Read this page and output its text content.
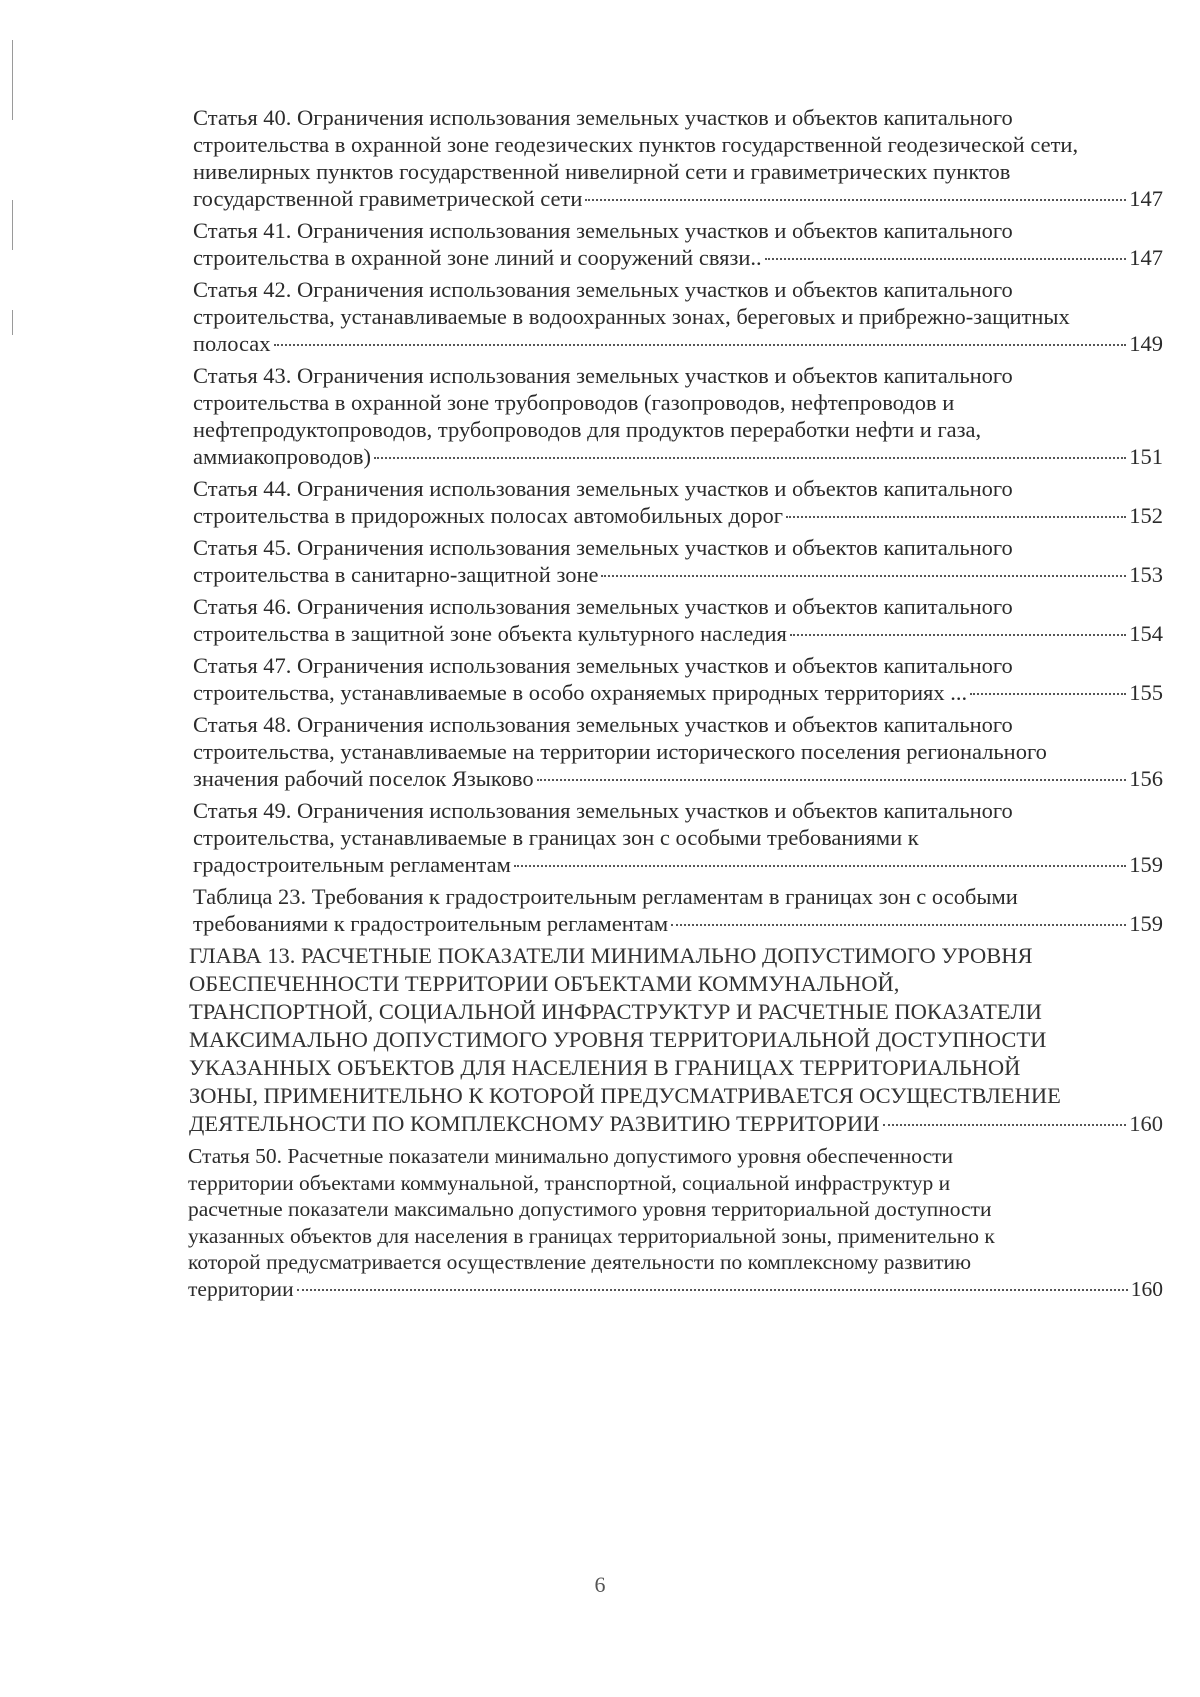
Статья 40. Ограничения использования земельных участков и объектов капитального
строительства в охранной зоне геодезических пунктов государственной геодезической сети,
нивелирных пунктов государственной нивелирной сети и гравиметрических пунктов
государственной гравиметрической сети	147
Статья 41. Ограничения использования земельных участков и объектов капитального
строительства в охранной зоне линий и сооружений связи..	147
Статья 42. Ограничения использования земельных участков и объектов капитального
строительства, устанавливаемые в водоохранных зонах, береговых и прибрежно-защитных
полосах	149
Статья 43. Ограничения использования земельных участков и объектов капитального
строительства в охранной зоне трубопроводов (газопроводов, нефтепроводов и
нефтепродуктопроводов, трубопроводов для продуктов переработки нефти и газа,
аммиакопроводов)	151
Статья 44. Ограничения использования земельных участков и объектов капитального
строительства в придорожных полосах автомобильных дорог	152
Статья 45. Ограничения использования земельных участков и объектов капитального
строительства в санитарно-защитной зоне	153
Статья 46. Ограничения использования земельных участков и объектов капитального
строительства в защитной зоне объекта культурного наследия	154
Статья 47. Ограничения использования земельных участков и объектов капитального
строительства, устанавливаемые в особо охраняемых природных территориях ...	155
Статья 48. Ограничения использования земельных участков и объектов капитального
строительства, устанавливаемые на территории исторического поселения регионального
значения рабочий поселок Языково	156
Статья 49. Ограничения использования земельных участков и объектов капитального
строительства, устанавливаемые в границах зон с особыми требованиями к
градостроительным регламентам	159
Таблица 23. Требования к градостроительным регламентам в границах зон с особыми
требованиями к градостроительным регламентам	159
ГЛАВА 13. РАСЧЕТНЫЕ ПОКАЗАТЕЛИ МИНИМАЛЬНО ДОПУСТИМОГО УРОВНЯ
ОБЕСПЕЧЕННОСТИ ТЕРРИТОРИИ ОБЪЕКТАМИ КОММУНАЛЬНОЙ,
ТРАНСПОРТНОЙ, СОЦИАЛЬНОЙ ИНФРАСТРУКТУР И РАСЧЕТНЫЕ ПОКАЗАТЕЛИ
МАКСИМАЛЬНО ДОПУСТИМОГО УРОВНЯ ТЕРРИТОРИАЛЬНОЙ ДОСТУПНОСТИ
УКАЗАННЫХ ОБЪЕКТОВ ДЛЯ НАСЕЛЕНИЯ В ГРАНИЦАХ ТЕРРИТОРИАЛЬНОЙ
ЗОНЫ, ПРИМЕНИТЕЛЬНО К КОТОРОЙ ПРЕДУСМАТРИВАЕТСЯ ОСУЩЕСТВЛЕНИЕ
ДЕЯТЕЛЬНОСТИ ПО КОМПЛЕКСНОМУ РАЗВИТИЮ ТЕРРИТОРИИ	160
Статья 50. Расчетные показатели минимально допустимого уровня обеспеченности
территории объектами коммунальной, транспортной, социальной инфраструктур и
расчетные показатели максимально допустимого уровня территориальной доступности
указанных объектов для населения в границах территориальной зоны, применительно к
которой предусматривается осуществление деятельности по комплексному развитию
территории	160
6
